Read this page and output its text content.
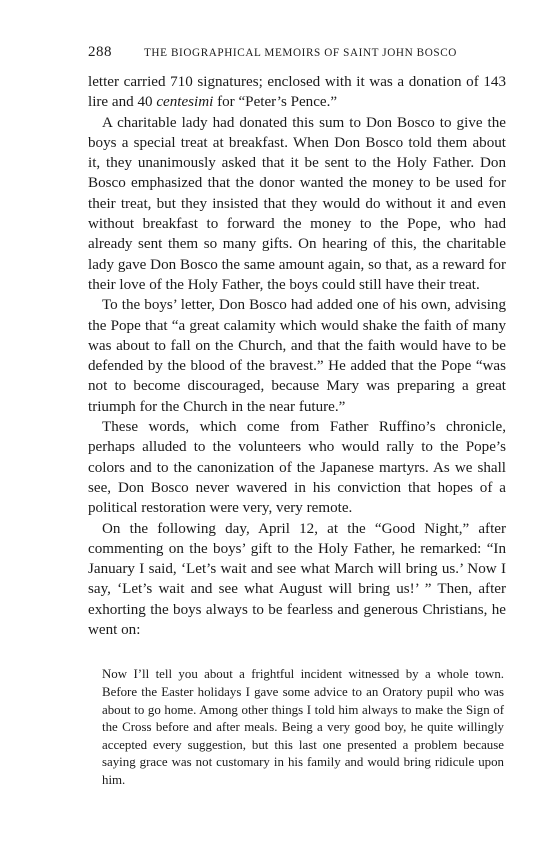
288	THE BIOGRAPHICAL MEMOIRS OF SAINT JOHN BOSCO

letter carried 710 signatures; enclosed with it was a donation of 143 lire and 40 centesimi for “Peter’s Pence.”

A charitable lady had donated this sum to Don Bosco to give the boys a special treat at breakfast. When Don Bosco told them about it, they unanimously asked that it be sent to the Holy Father. Don Bosco emphasized that the donor wanted the money to be used for their treat, but they insisted that they would do without it and even without breakfast to forward the money to the Pope, who had already sent them so many gifts. On hearing of this, the charitable lady gave Don Bosco the same amount again, so that, as a reward for their love of the Holy Father, the boys could still have their treat.

To the boys’ letter, Don Bosco had added one of his own, advising the Pope that “a great calamity which would shake the faith of many was about to fall on the Church, and that the faith would have to be defended by the blood of the bravest.” He added that the Pope “was not to become discouraged, because Mary was preparing a great triumph for the Church in the near future.”

These words, which come from Father Ruffino’s chronicle, perhaps alluded to the volunteers who would rally to the Pope’s colors and to the canonization of the Japanese martyrs. As we shall see, Don Bosco never wavered in his conviction that hopes of a political restoration were very, very remote.

On the following day, April 12, at the “Good Night,” after commenting on the boys’ gift to the Holy Father, he remarked: “In January I said, ‘Let’s wait and see what March will bring us.’ Now I say, ‘Let’s wait and see what August will bring us!’ ” Then, after exhorting the boys always to be fearless and generous Christians, he went on:

Now I’ll tell you about a frightful incident witnessed by a whole town. Before the Easter holidays I gave some advice to an Oratory pupil who was about to go home. Among other things I told him always to make the Sign of the Cross before and after meals. Being a very good boy, he quite willingly accepted every suggestion, but this last one presented a problem because saying grace was not customary in his family and would bring ridicule upon him.
